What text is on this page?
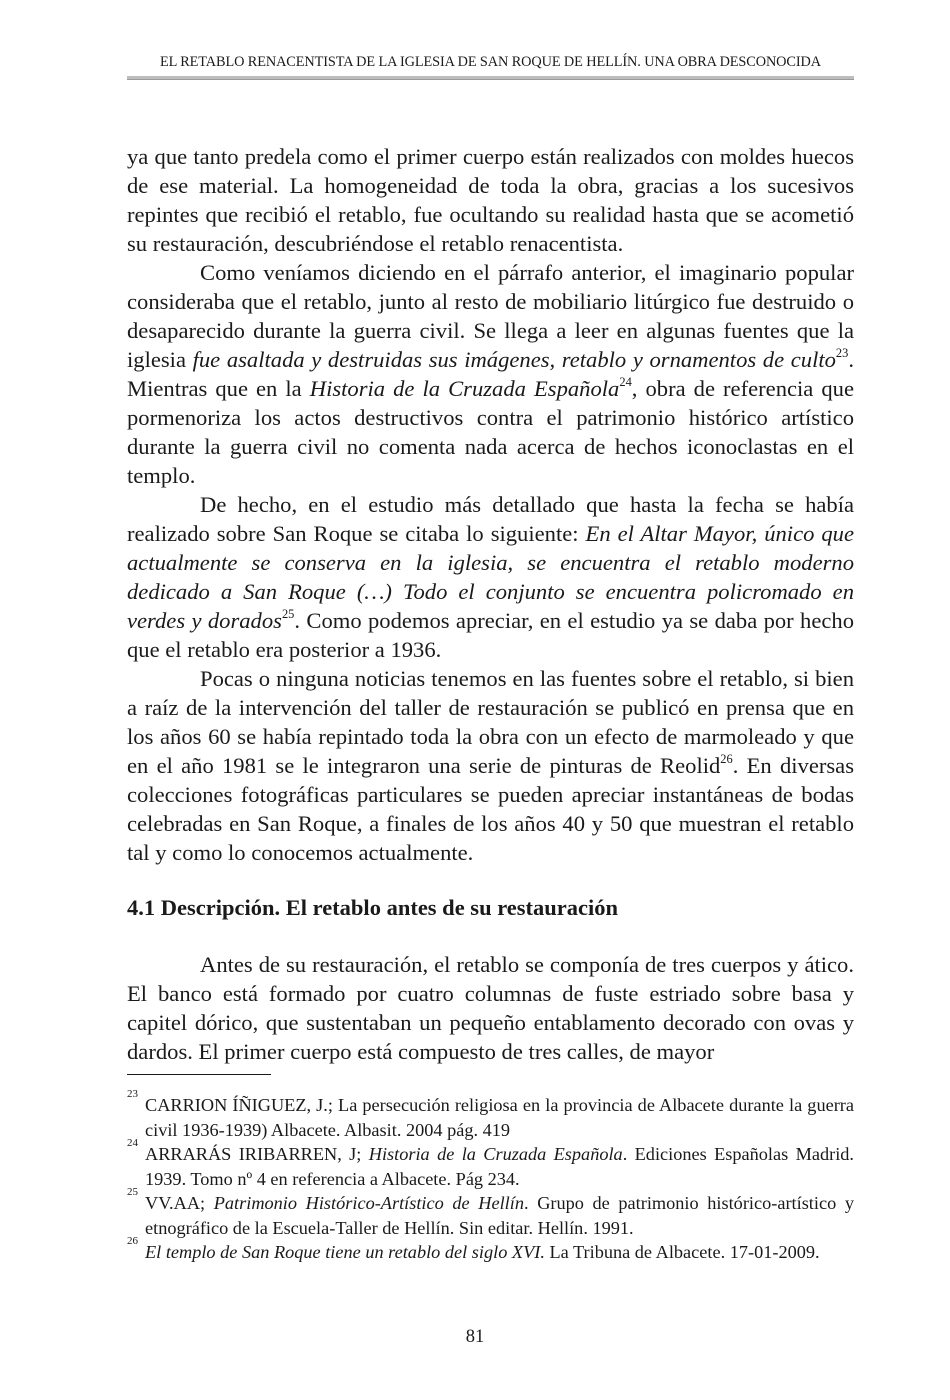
EL RETABLO RENACENTISTA DE LA IGLESIA DE SAN ROQUE DE HELLÍN. UNA OBRA DESCONOCIDA

ya que tanto predela como el primer cuerpo están realizados con moldes huecos de ese material. La homogeneidad de toda la obra, gracias a los sucesivos repintes que recibió el retablo, fue ocultando su realidad hasta que se acometió su restauración, descubriéndose el retablo renacentista.

Como veníamos diciendo en el párrafo anterior, el imaginario popular consideraba que el retablo, junto al resto de mobiliario litúrgico fue destruido o desaparecido durante la guerra civil. Se llega a leer en algunas fuentes que la iglesia fue asaltada y destruidas sus imágenes, retablo y ornamentos de culto$^{23}$. Mientras que en la Historia de la Cruzada Española$^{24}$, obra de referencia que pormenoriza los actos destructivos contra el patrimonio histórico artístico durante la guerra civil no comenta nada acerca de hechos iconoclastas en el templo.

De hecho, en el estudio más detallado que hasta la fecha se había realizado sobre San Roque se citaba lo siguiente: En el Altar Mayor, único que actualmente se conserva en la iglesia, se encuentra el retablo moderno dedicado a San Roque (…) Todo el conjunto se encuentra policromado en verdes y dorados$^{25}$. Como podemos apreciar, en el estudio ya se daba por hecho que el retablo era posterior a 1936.

Pocas o ninguna noticias tenemos en las fuentes sobre el retablo, si bien a raíz de la intervención del taller de restauración se publicó en prensa que en los años 60 se había repintado toda la obra con un efecto de marmoleado y que en el año 1981 se le integraron una serie de pinturas de Reolid$^{26}$. En diversas colecciones fotográficas particulares se pueden apreciar instantáneas de bodas celebradas en San Roque, a finales de los años 40 y 50 que muestran el retablo tal y como lo conocemos actualmente.

4.1 Descripción. El retablo antes de su restauración

Antes de su restauración, el retablo se componía de tres cuerpos y ático. El banco está formado por cuatro columnas de fuste estriado sobre basa y capitel dórico, que sustentaban un pequeño entablamento decorado con ovas y dardos. El primer cuerpo está compuesto de tres calles, de mayor

23
CARRION ÍÑIGUEZ, J.; La persecución religiosa en la provincia de Albacete durante la guerra civil 1936-1939) Albacete. Albasit. 2004 pág. 419

24
ARRARÁS IRIBARREN, J; Historia de la Cruzada Española. Ediciones Españolas Madrid. 1939. Tomo nº 4 en referencia a Albacete. Pág 234.

25
VV.AA; Patrimonio Histórico-Artístico de Hellín. Grupo de patrimonio histórico-artístico y etnográfico de la Escuela-Taller de Hellín. Sin editar. Hellín. 1991.

26
El templo de San Roque tiene un retablo del siglo XVI. La Tribuna de Albacete. 17-01-2009.

81
